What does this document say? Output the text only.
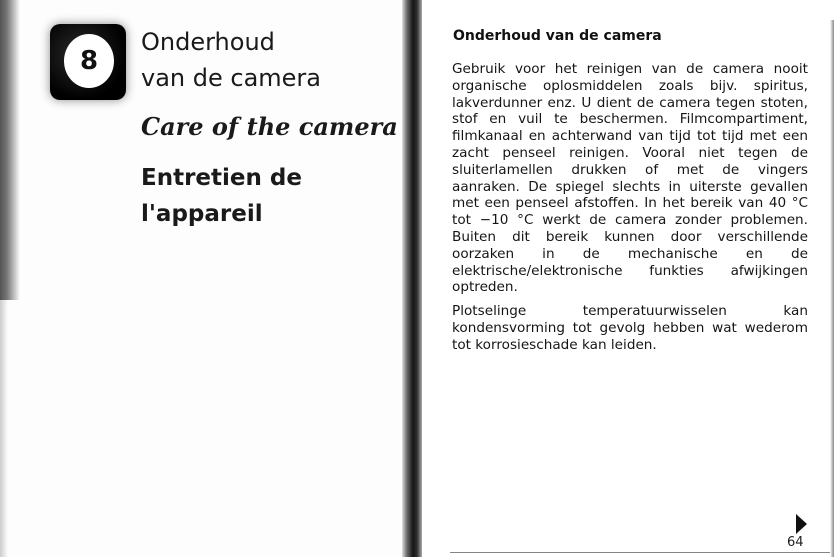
8
Onderhoud
van de camera
Care of the camera
Entretien de
l'appareil
Onderhoud van de camera

Gebruik voor het reinigen van de camera nooit organische oplosmiddelen zoals bijv. spiritus, lakverdunner enz. U dient de camera tegen stoten, stof en vuil te beschermen. Filmcompartiment, filmkanaal en achterwand van tijd tot tijd met een zacht penseel reinigen. Vooral niet tegen de sluiterlamellen drukken of met de vingers aanraken. De spiegel slechts in uiterste gevallen met een penseel afstoffen. In het bereik van 40 °C tot −10 °C werkt de camera zonder problemen. Buiten dit bereik kunnen door verschillende oorzaken in de mechanische en de elektrische/elektronische funkties afwijkingen optreden.

Plotselinge temperatuurwisselen kan kondensvorming tot gevolg hebben wat wederom tot korrosieschade kan leiden.

64
